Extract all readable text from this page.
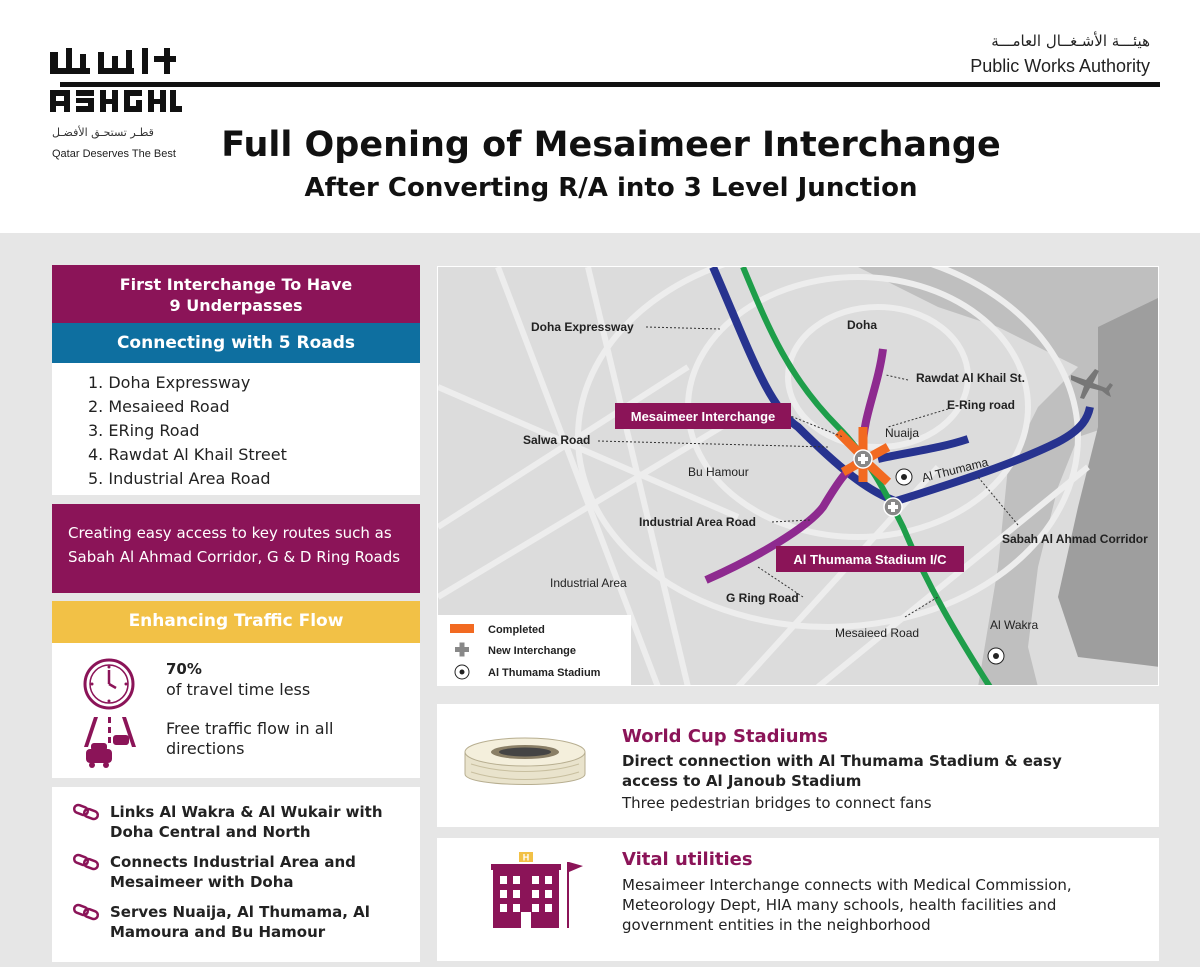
قطـر تستحـق الأفضـل
Qatar Deserves The Best
هيئـــة الأشـغــال العامـــة
Public Works Authority
Full Opening of Mesaimeer Interchange
After Converting R/A into 3 Level Junction
First Interchange To Have 9 Underpasses
Connecting with 5 Roads
1. Doha Expressway
2. Mesaieed Road
3. ERing Road
4. Rawdat Al Khail Street
5. Industrial Area Road
Creating easy access to key routes such as Sabah Al Ahmad Corridor, G & D Ring Roads
Enhancing Traffic Flow
70%
of travel time less
Free traffic flow in all directions
Links Al Wakra & Al Wukair with Doha Central and North
Connects Industrial Area and Mesaimeer with Doha
Serves Nuaija, Al Thumama, Al Mamoura and Bu Hamour
Doha Expressway	Doha
Rawdat Al Khail St.
E-Ring road
Nuaija
Salwa Road
Bu Hamour	Al Thumama
Industrial Area Road
Sabah Al Ahmad Corridor
Industrial Area
G Ring Road
Mesaieed Road
Al Wakra
Mesaimeer Interchange
Al Thumama Stadium I/C
Completed
New Interchange
Al Thumama Stadium
World Cup Stadiums
Direct connection with Al Thumama Stadium & easy access to Al Janoub Stadium
Three pedestrian bridges to connect fans
H	Vital utilities
Mesaimeer Interchange connects with Medical Commission, Meteorology Dept, HIA many schools, health facilities and government entities in the neighborhood
